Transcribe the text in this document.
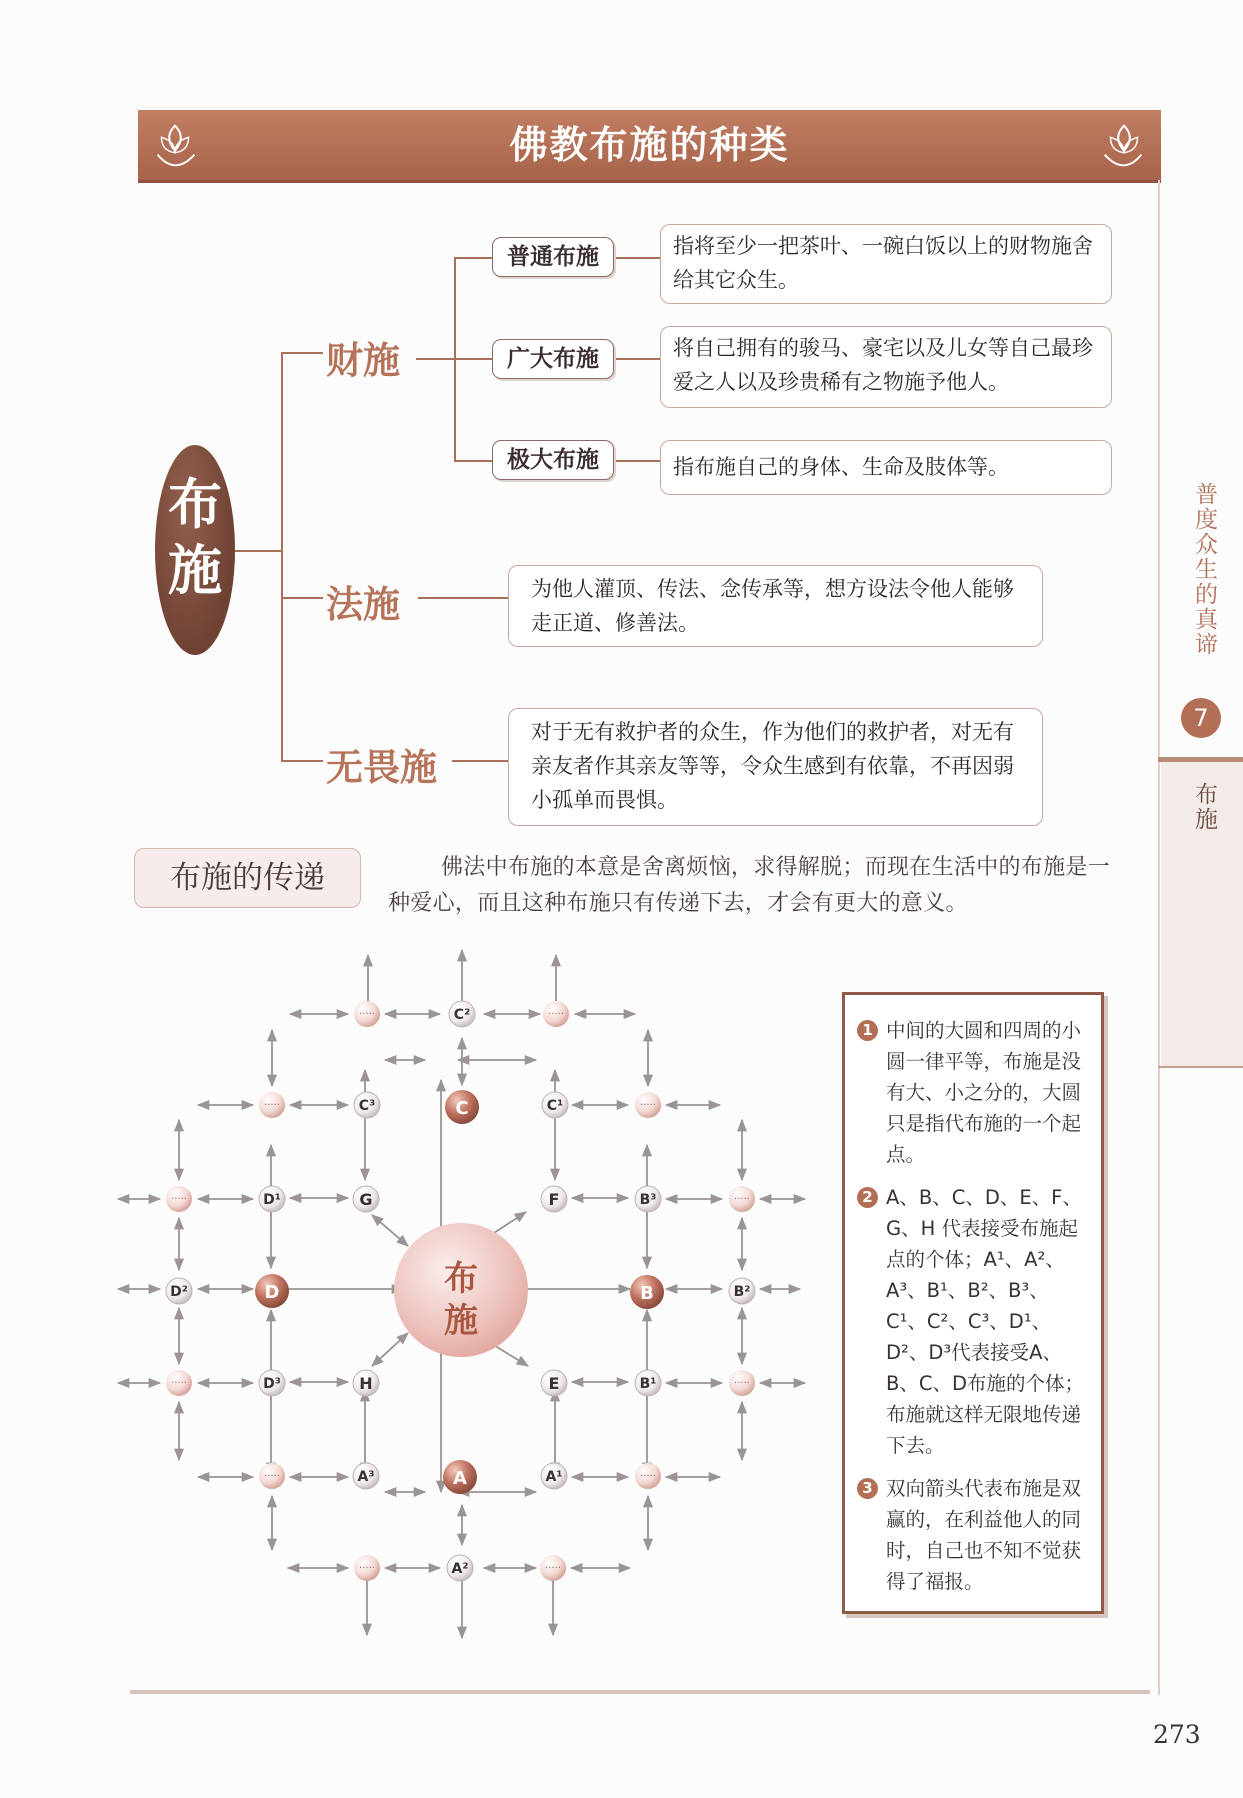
佛教布施的种类
普度众生的真谛
7
布施
布
施
财施
法施
无畏施
普通布施
广大布施
极大布施
指将至少一把茶叶、一碗白饭以上的财物施舍给其它众生。
将自己拥有的骏马、豪宅以及儿女等自己最珍爱之人以及珍贵稀有之物施予他人。
指布施自己的身体、生命及肢体等。
为他人灌顶、传法、念传承等，想方设法令他人能够走正道、修善法。
对于无有救护者的众生，作为他们的救护者，对无有亲友者作其亲友等等，令众生感到有依靠，不再因弱小孤单而畏惧。
布施的传递	佛法中布施的本意是舍离烦恼，求得解脱；而现在生活中的布施是一种爱心，而且这种布施只有传递下去，才会有更大的意义。
布
施
C
A
D	B
G	F
H	E
C²
C³	C¹
D¹
D²
D³
B³
B²
B¹
A³	A¹
A²
·····	·····
·····	·····
·····	·····
·····	·····
·····	·····
·····	·····
1 中间的大圆和四周的小圆一律平等，布施是没有大、小之分的，大圆只是指代布施的一个起点。
2 A、B、C、D、E、F、G、H 代表接受布施起点的个体；A¹、A²、A³、B¹、B²、B³、C¹、C²、C³、D¹、D²、D³代表接受A、B、C、D布施的个体；布施就这样无限地传递下去。
3 双向箭头代表布施是双赢的，在利益他人的同时，自己也不知不觉获得了福报。
273
